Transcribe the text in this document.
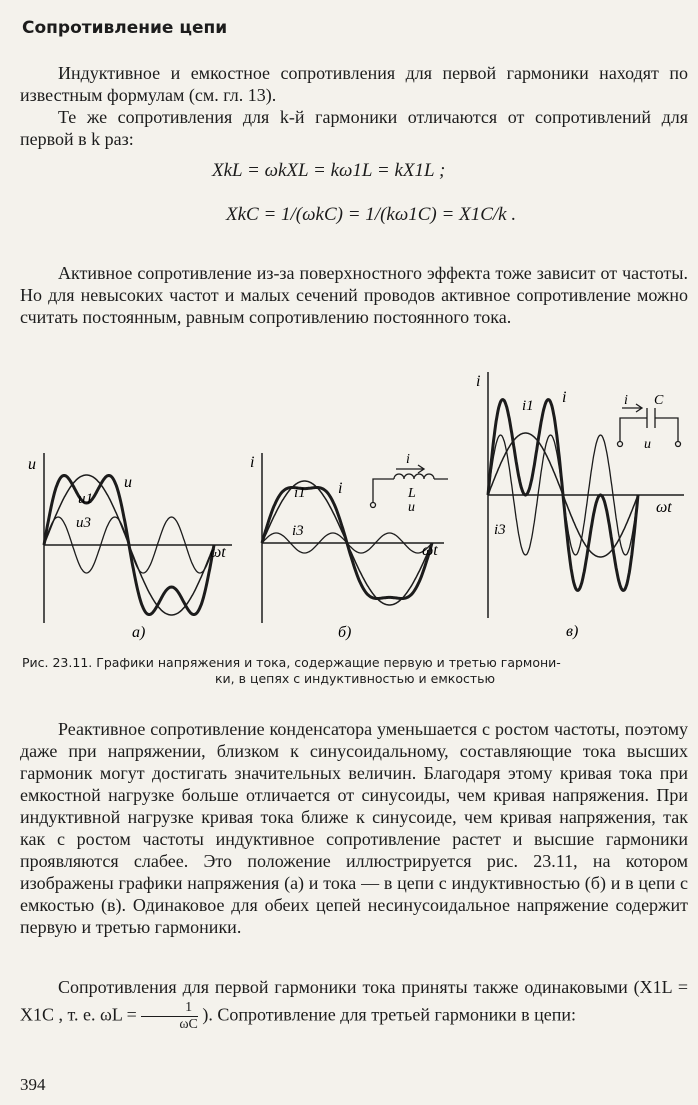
Сопротивление цепи

Индуктивное и емкостное сопротивления для первой гармоники находят по известным формулам (см. гл. 13).

Те же сопротивления для k-й гармоники отличаются от сопротивлений для первой в k раз:

XkL = ωkXL = kω1L = kX1L ;
XkC = 1/(ωkC) = 1/(kω1C) = X1C/k .

Активное сопротивление из-за поверхностного эффекта тоже зависит от частоты. Но для невысоких частот и малых сечений проводов активное сопротивление можно считать постоянным, равным сопротивлению постоянного тока.

u
u
u1
u3
ωt
а)
i
i
i1
i3
ωt
б)
i
L
u
i
i
i1
i3
ωt
в)
i C
u
Рис. 23.11. Графики напряжения и тока, содержащие первую и третью гармони-
ки, в цепях с индуктивностью и емкостью

Реактивное сопротивление конденсатора уменьшается с ростом частоты, поэтому даже при напряжении, близком к синусоидальному, составляющие тока высших гармоник могут достигать значительных величин. Благодаря этому кривая тока при емкостной нагрузке больше отличается от синусоиды, чем кривая напряжения. При индуктивной нагрузке кривая тока ближе к синусоиде, чем кривая напряжения, так как с ростом частоты индуктивное сопротивление растет и высшие гармоники проявляются слабее. Это положение иллюстрируется рис. 23.11, на котором изображены графики напряжения (а) и тока — в цепи с индуктивностью (б) и в цепи с емкостью (в). Одинаковое для обеих цепей несинусоидальное напряжение содержит первую и третью гармоники.

Сопротивления для первой гармоники тока приняты также одинаковыми (X1L = X1C , т. е. $\omega L = \frac{1}{\omega C}$ ). Сопротивление для третьей гармоники в цепи:
394
